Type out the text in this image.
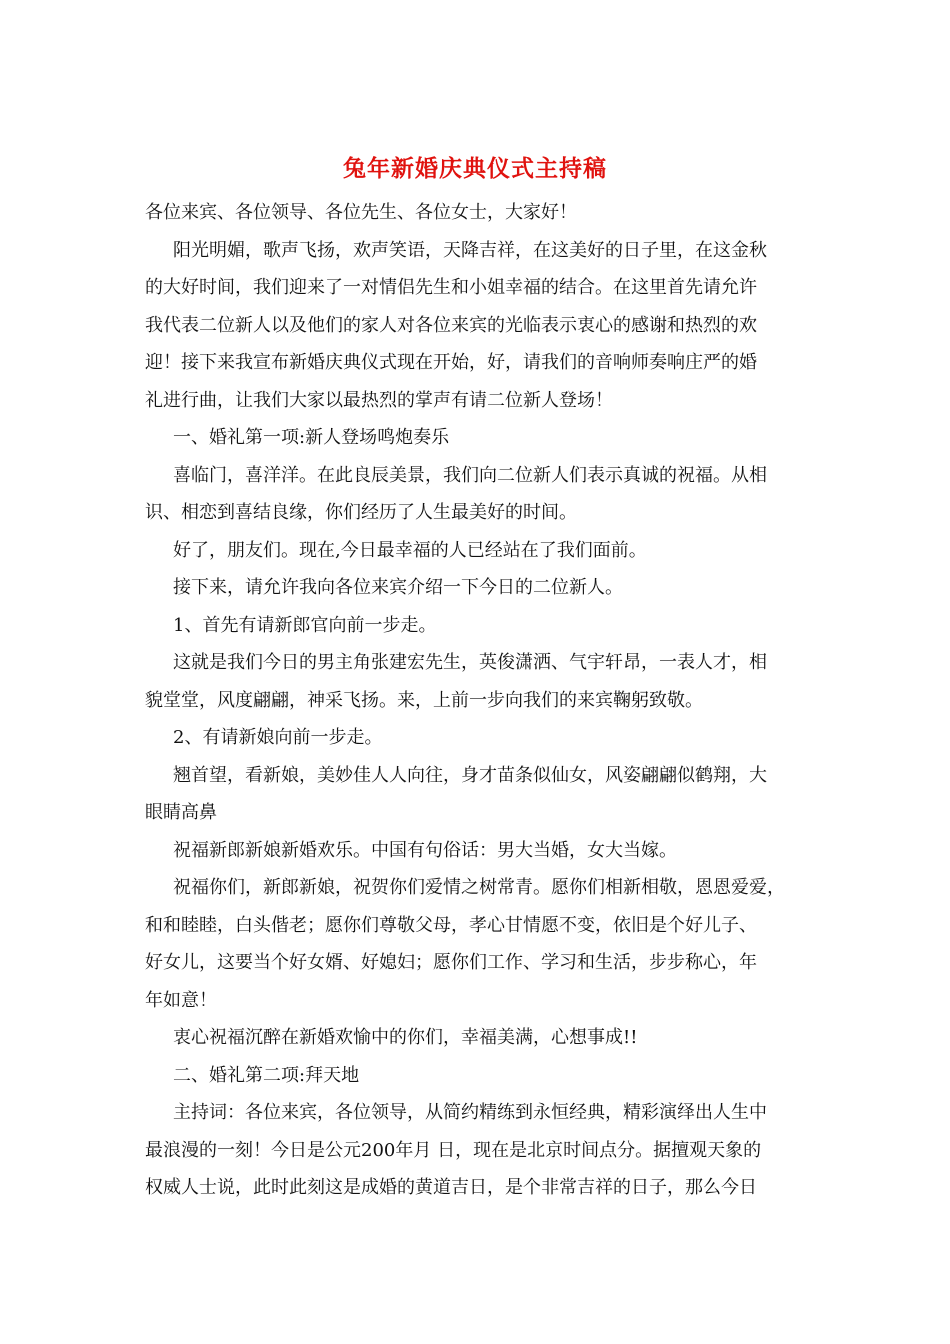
兔年新婚庆典仪式主持稿
各位来宾、各位领导、各位先生、各位女士，大家好！
阳光明媚，歌声飞扬，欢声笑语，天降吉祥，在这美好的日子里，在这金秋
的大好时间，我们迎来了一对情侣先生和小姐幸福的结合。在这里首先请允许
我代表二位新人以及他们的家人对各位来宾的光临表示衷心的感谢和热烈的欢
迎！接下来我宣布新婚庆典仪式现在开始，好，请我们的音响师奏响庄严的婚
礼进行曲，让我们大家以最热烈的掌声有请二位新人登场！
一、婚礼第一项:新人登场鸣炮奏乐
喜临门，喜洋洋。在此良辰美景，我们向二位新人们表示真诚的祝福。从相
识、相恋到喜结良缘，你们经历了人生最美好的时间。
好了，朋友们。现在,今日最幸福的人已经站在了我们面前。
接下来，请允许我向各位来宾介绍一下今日的二位新人。
1、首先有请新郎官向前一步走。
这就是我们今日的男主角张建宏先生，英俊潇洒、气宇轩昂，一表人才，相
貌堂堂，风度翩翩，神采飞扬。来，上前一步向我们的来宾鞠躬致敬。
2、有请新娘向前一步走。
翘首望，看新娘，美妙佳人人向往，身才苗条似仙女，风姿翩翩似鹤翔，大
眼睛高鼻
祝福新郎新娘新婚欢乐。中国有句俗话：男大当婚，女大当嫁。
祝福你们，新郎新娘，祝贺你们爱情之树常青。愿你们相新相敬，恩恩爱爱，
和和睦睦，白头偕老；愿你们尊敬父母，孝心甘情愿不变，依旧是个好儿子、
好女儿，这要当个好女婿、好媳妇；愿你们工作、学习和生活，步步称心，年
年如意！
衷心祝福沉醉在新婚欢愉中的你们，幸福美满，心想事成!!
二、婚礼第二项:拜天地
主持词：各位来宾，各位领导，从简约精练到永恒经典，精彩演绎出人生中
最浪漫的一刻！今日是公元200年月 日，现在是北京时间点分。据擅观天象的
权威人士说，此时此刻这是成婚的黄道吉日，是个非常吉祥的日子，那么今日
